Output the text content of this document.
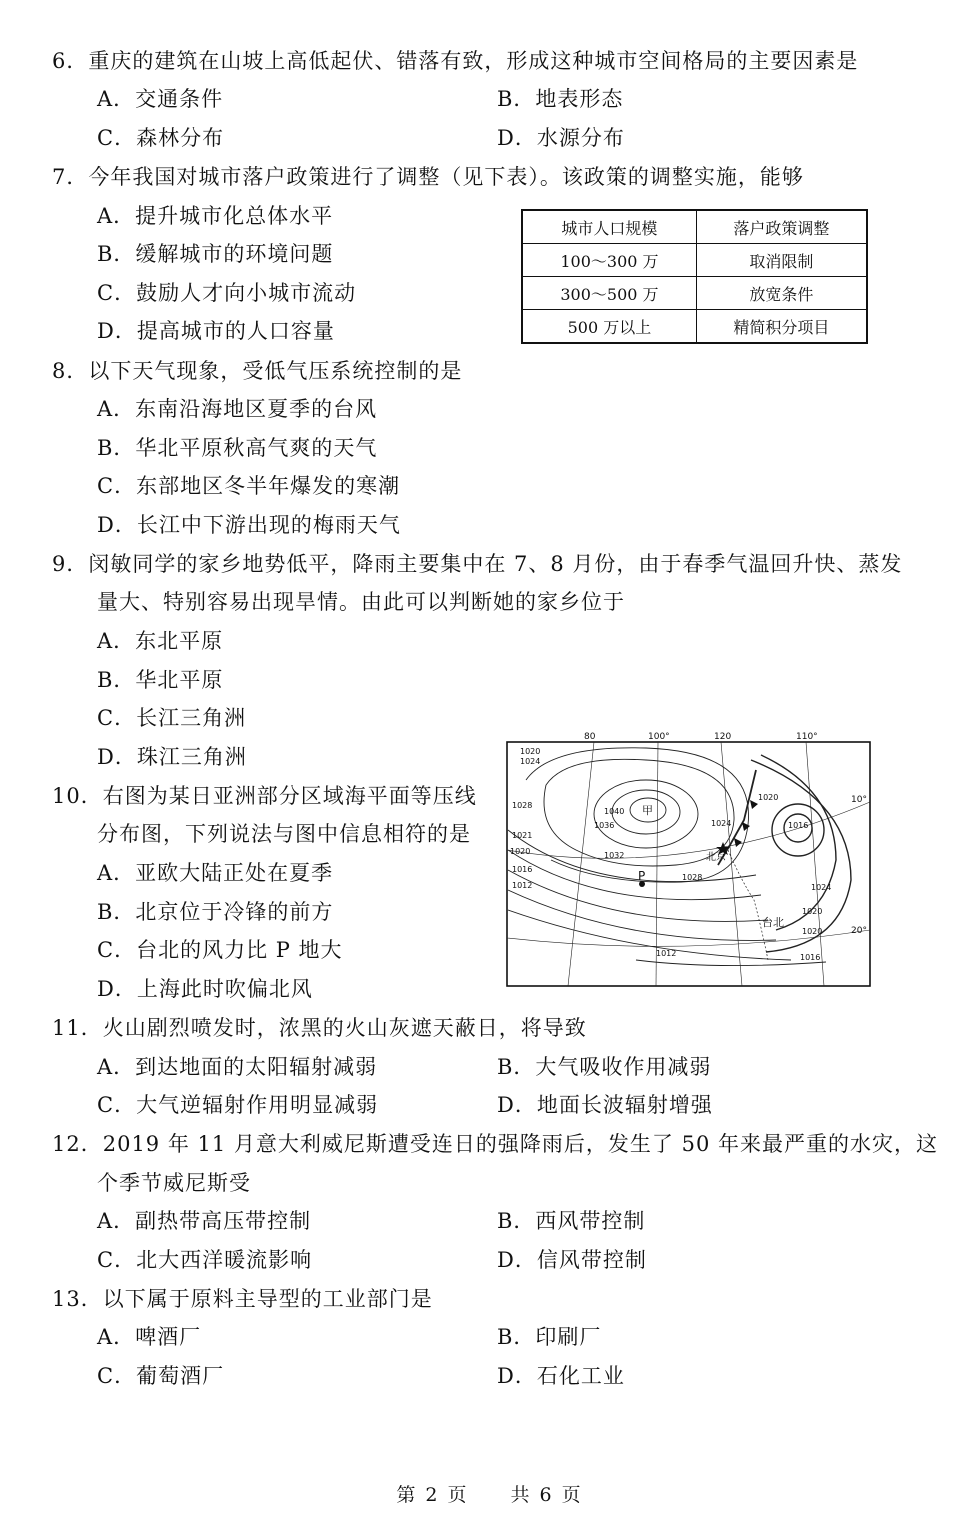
6．重庆的建筑在山坡上高低起伏、错落有致，形成这种城市空间格局的主要因素是
A．交通条件	B．地表形态
C．森林分布	D．水源分布
7．今年我国对城市落户政策进行了调整（见下表）。该政策的调整实施，能够
A．提升城市化总体水平
B．缓解城市的环境问题
C．鼓励人才向小城市流动
D．提高城市的人口容量
城市人口规模	落户政策调整
100～300 万	取消限制
300～500 万	放宽条件
500 万以上	精简积分项目
8．以下天气现象，受低气压系统控制的是
A．东南沿海地区夏季的台风
B．华北平原秋高气爽的天气
C．东部地区冬半年爆发的寒潮
D．长江中下游出现的梅雨天气
9．闵敏同学的家乡地势低平，降雨主要集中在 7、8 月份，由于春季气温回升快、蒸发
量大、特别容易出现旱情。由此可以判断她的家乡位于
A．东北平原
B．华北平原
C．长江三角洲
D．珠江三角洲
10．右图为某日亚洲部分区域海平面等压线
分布图，下列说法与图中信息相符的是
A．亚欧大陆正处在夏季
B．北京位于冷锋的前方
C．台北的风力比 P 地大
D．上海此时吹偏北风
80	100°	120	110°
10°
20°
1020
1024
1028
1021
1020
1016
1012
1040
1036
1032
1028
1024	1016
1024
1020
1020
1016
1012
1020
甲
P
北京
台北
11．火山剧烈喷发时，浓黑的火山灰遮天蔽日，将导致
A．到达地面的太阳辐射减弱	B．大气吸收作用减弱
C．大气逆辐射作用明显减弱	D．地面长波辐射增强
12．2019 年 11 月意大利威尼斯遭受连日的强降雨后，发生了 50 年来最严重的水灾，这
个季节威尼斯受
A．副热带高压带控制	B．西风带控制
C．北大西洋暖流影响	D．信风带控制
13．以下属于原料主导型的工业部门是
A．啤酒厂	B．印刷厂
C．葡萄酒厂	D．石化工业
第 2 页　　共 6 页
